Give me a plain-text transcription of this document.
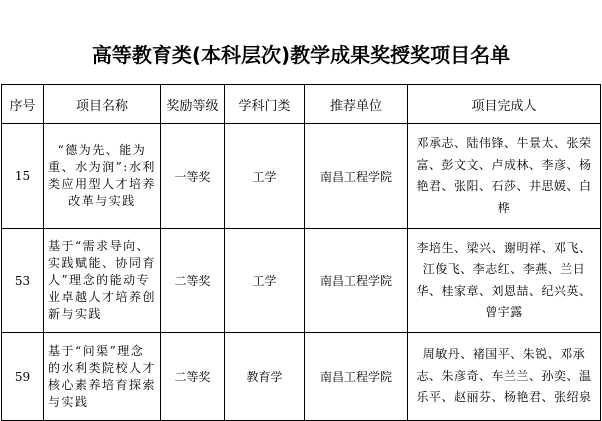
高等教育类(本科层次)教学成果奖授奖项目名单
序号	项目名称	奖励等级	学科门类	推荐单位	项目完成人
15	“德为先、能为重、水为润”:水利类应用型人才培养改革与实践	一等奖	工学	南昌工程学院	邓承志、陆伟锋、牛景太、张荣富、彭文文、卢成林、李彦、杨艳君、张阳、石莎、井思媛、白桦
53	基于“需求导向、实践赋能、协同育人”理念的能动专业卓越人才培养创新与实践	二等奖	工学	南昌工程学院	李培生、梁兴、谢明祥、邓飞、江俊飞、李志红、李燕、兰日华、桂家章、刘恩喆、纪兴英、曾宇露
59	基于“问渠”理念的水利类院校人才核心素养培育探索与实践	二等奖	教育学	南昌工程学院	周敏丹、褚国平、朱锐、邓承志、朱彦奇、车兰兰、孙奕、温乐平、赵丽芬、杨艳君、张绍泉
